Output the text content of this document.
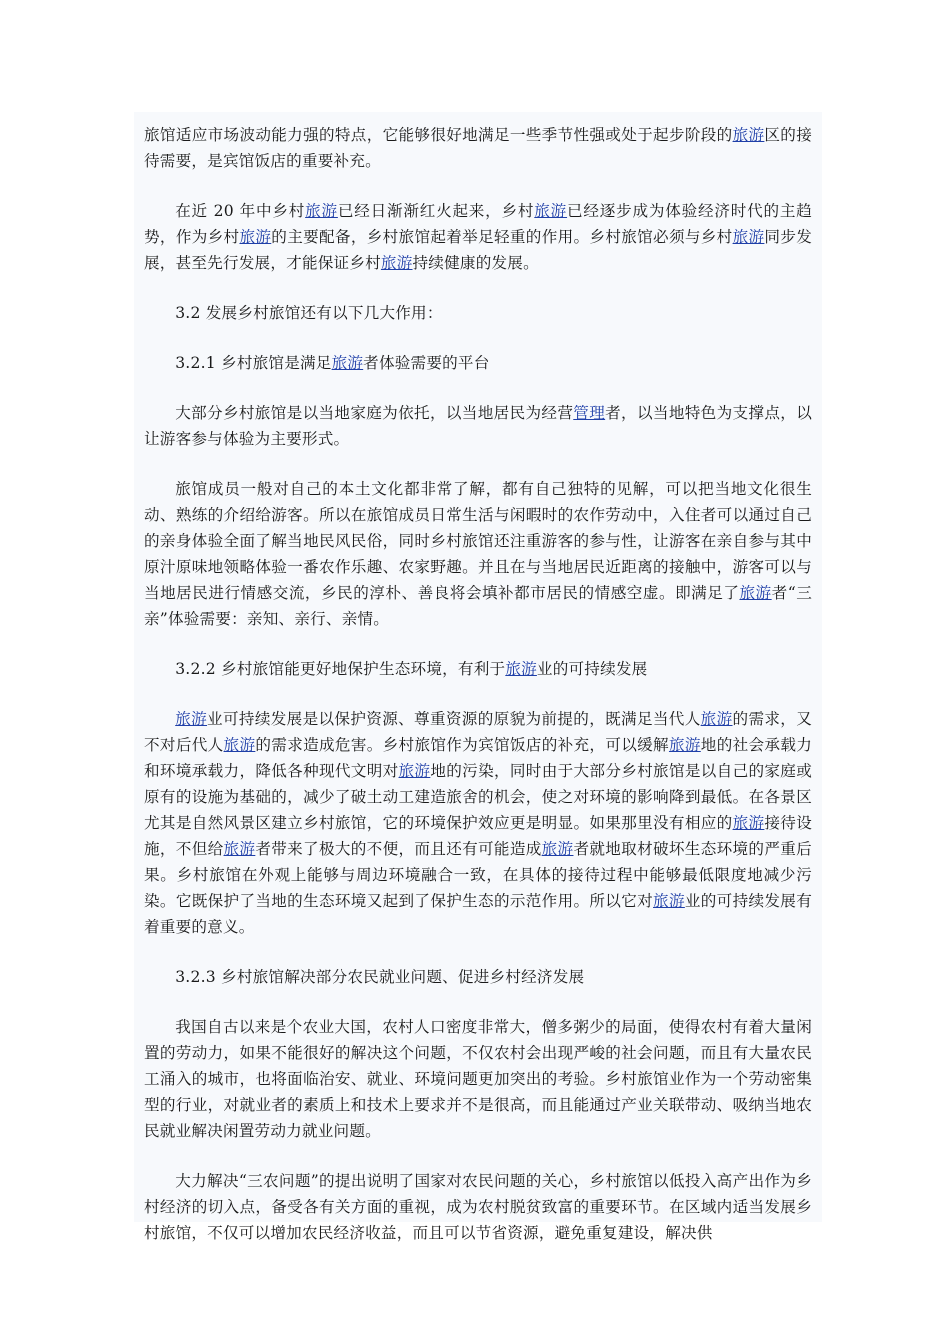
旅馆适应市场波动能力强的特点，它能够很好地满足一些季节性强或处于起步阶段的旅游区的接待需要，是宾馆饭店的重要补充。

在近 20 年中乡村旅游已经日渐渐红火起来，乡村旅游已经逐步成为体验经济时代的主趋势，作为乡村旅游的主要配备，乡村旅馆起着举足轻重的作用。乡村旅馆必须与乡村旅游同步发展，甚至先行发展，才能保证乡村旅游持续健康的发展。

3.2 发展乡村旅馆还有以下几大作用：

3.2.1 乡村旅馆是满足旅游者体验需要的平台

大部分乡村旅馆是以当地家庭为依托，以当地居民为经营管理者，以当地特色为支撑点，以让游客参与体验为主要形式。

旅馆成员一般对自己的本土文化都非常了解，都有自己独特的见解，可以把当地文化很生动、熟练的介绍给游客。所以在旅馆成员日常生活与闲暇时的农作劳动中，入住者可以通过自己的亲身体验全面了解当地民风民俗，同时乡村旅馆还注重游客的参与性，让游客在亲自参与其中原汁原味地领略体验一番农作乐趣、农家野趣。并且在与当地居民近距离的接触中，游客可以与当地居民进行情感交流，乡民的淳朴、善良将会填补都市居民的情感空虚。即满足了旅游者“三亲”体验需要：亲知、亲行、亲情。

3.2.2 乡村旅馆能更好地保护生态环境，有利于旅游业的可持续发展

旅游业可持续发展是以保护资源、尊重资源的原貌为前提的，既满足当代人旅游的需求，又不对后代人旅游的需求造成危害。乡村旅馆作为宾馆饭店的补充，可以缓解旅游地的社会承载力和环境承载力，降低各种现代文明对旅游地的污染，同时由于大部分乡村旅馆是以自己的家庭或原有的设施为基础的，减少了破土动工建造旅舍的机会，使之对环境的影响降到最低。在各景区尤其是自然风景区建立乡村旅馆，它的环境保护效应更是明显。如果那里没有相应的旅游接待设施，不但给旅游者带来了极大的不便，而且还有可能造成旅游者就地取材破坏生态环境的严重后果。乡村旅馆在外观上能够与周边环境融合一致，在具体的接待过程中能够最低限度地减少污染。它既保护了当地的生态环境又起到了保护生态的示范作用。所以它对旅游业的可持续发展有着重要的意义。

3.2.3 乡村旅馆解决部分农民就业问题、促进乡村经济发展

我国自古以来是个农业大国，农村人口密度非常大，僧多粥少的局面，使得农村有着大量闲置的劳动力，如果不能很好的解决这个问题，不仅农村会出现严峻的社会问题，而且有大量农民工涌入的城市，也将面临治安、就业、环境问题更加突出的考验。乡村旅馆业作为一个劳动密集型的行业，对就业者的素质上和技术上要求并不是很高，而且能通过产业关联带动、吸纳当地农民就业解决闲置劳动力就业问题。

大力解决“三农问题”的提出说明了国家对农民问题的关心，乡村旅馆以低投入高产出作为乡村经济的切入点，备受各有关方面的重视，成为农村脱贫致富的重要环节。在区域内适当发展乡村旅馆，不仅可以增加农民经济收益，而且可以节省资源，避免重复建设，解决供
